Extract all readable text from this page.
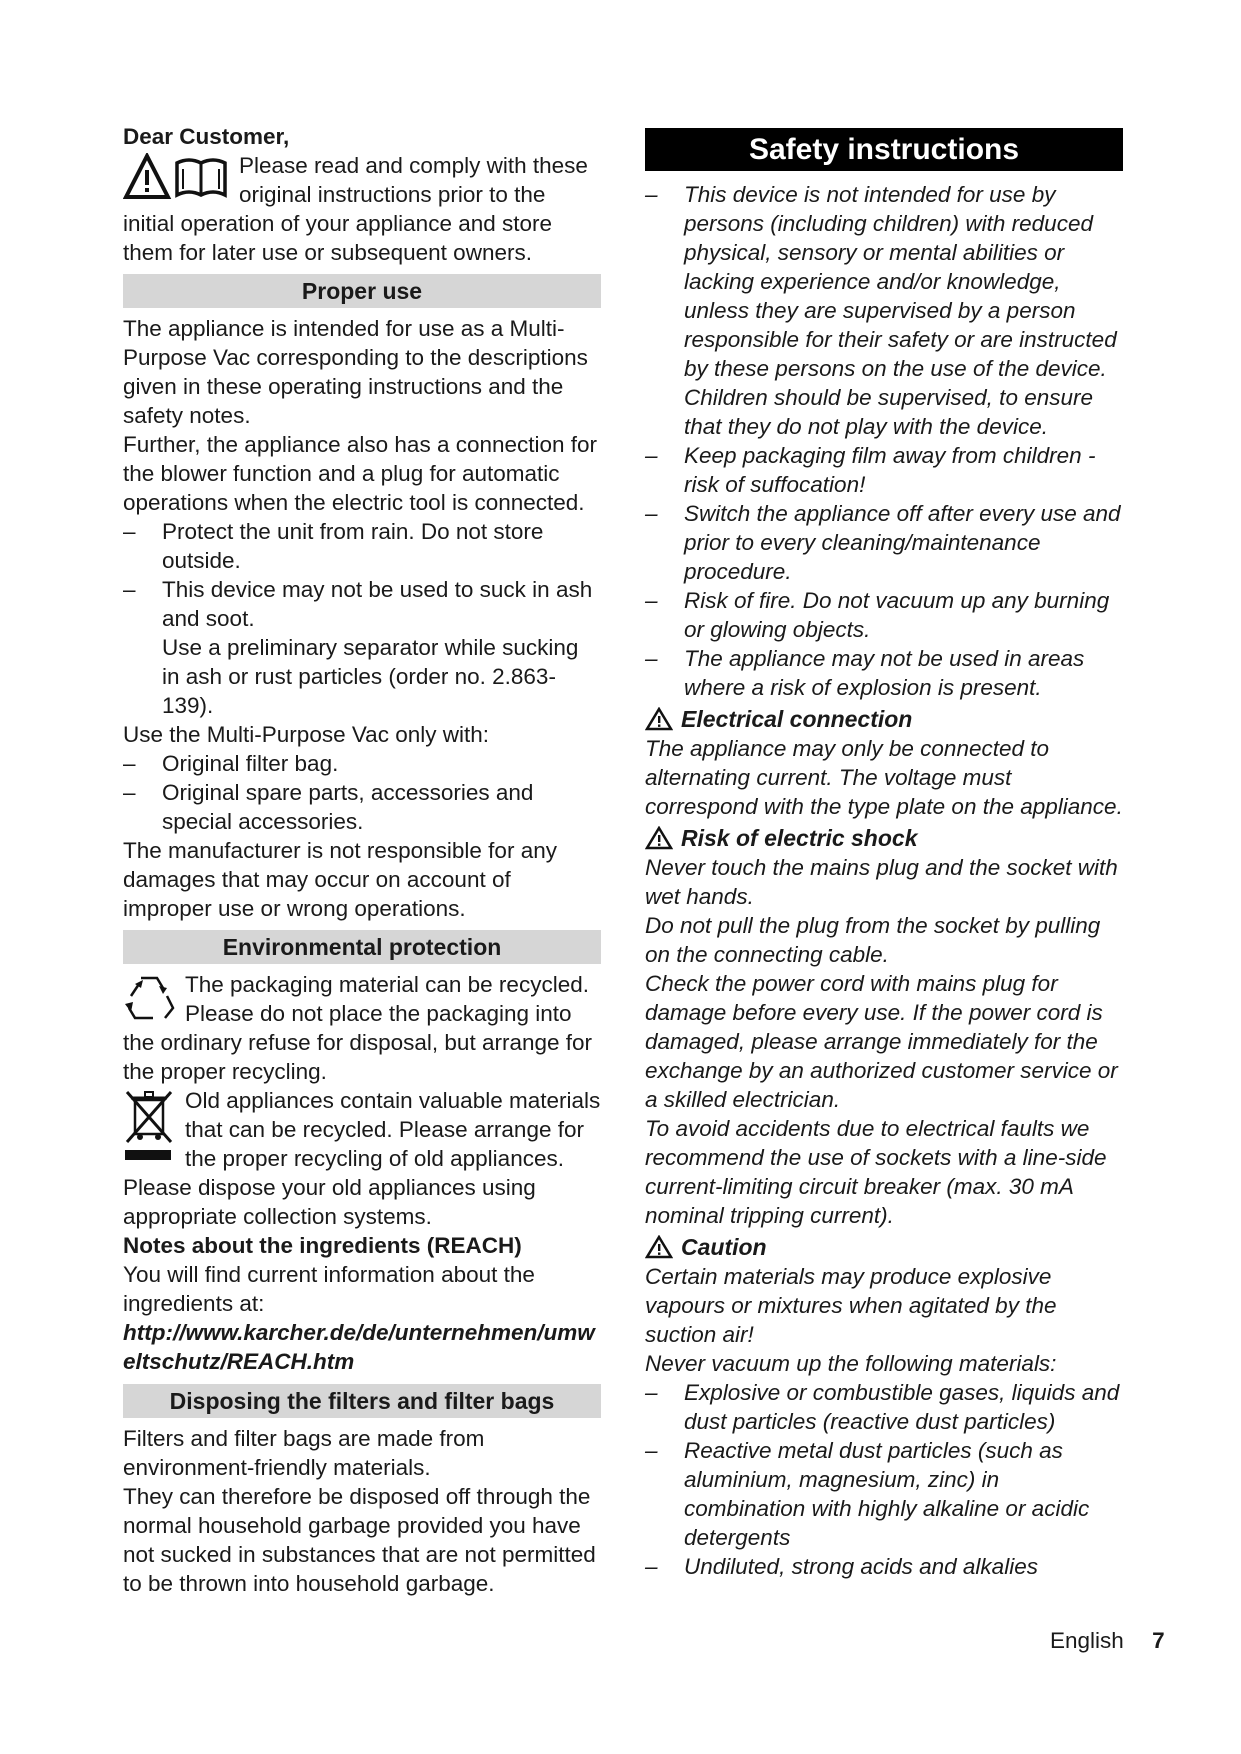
Dear Customer,

Please read and comply with these original instructions prior to the initial operation of your appliance and store them for later use or subsequent owners.

Proper use

The appliance is intended for use as a Multi-Purpose Vac corresponding to the descriptions given in these operating instructions and the safety notes.

Further, the appliance also has a connection for the blower function and a plug for automatic operations when the electric tool is connected.

– Protect the unit from rain. Do not store outside.
– This device may not be used to suck in ash and soot.

Use a preliminary separator while sucking in ash or rust particles (order no. 2.863-139).

Use the Multi-Purpose Vac only with:

– Original filter bag.
– Original spare parts, accessories and special accessories.

The manufacturer is not responsible for any damages that may occur on account of improper use or wrong operations.

Environmental protection

The packaging material can be recycled. Please do not place the packaging into the ordinary refuse for disposal, but arrange for the proper recycling.

Old appliances contain valuable materials that can be recycled. Please arrange for the proper recycling of old appliances. Please dispose your old appliances using appropriate collection systems.

Notes about the ingredients (REACH)

You will find current information about the ingredients at:

http://www.karcher.de/de/unternehmen/umweltschutz/REACH.htm

Disposing the filters and filter bags

Filters and filter bags are made from environment-friendly materials.

They can therefore be disposed off through the normal household garbage provided you have not sucked in substances that are not permitted to be thrown into household garbage.

Safety instructions
– This device is not intended for use by persons (including children) with reduced physical, sensory or mental abilities or lacking experience and/or knowledge, unless they are supervised by a person responsible for their safety or are instructed by these persons on the use of the device. Children should be supervised, to ensure that they do not play with the device.
– Keep packaging film away from children - risk of suffocation!
– Switch the appliance off after every use and prior to every cleaning/maintenance procedure.
– Risk of fire. Do not vacuum up any burning or glowing objects.
– The appliance may not be used in areas where a risk of explosion is present.
Electrical connection

The appliance may only be connected to alternating current. The voltage must correspond with the type plate on the appliance.

Risk of electric shock

Never touch the mains plug and the socket with wet hands.

Do not pull the plug from the socket by pulling on the connecting cable.

Check the power cord with mains plug for damage before every use. If the power cord is damaged, please arrange immediately for the exchange by an authorized customer service or a skilled electrician.

To avoid accidents due to electrical faults we recommend the use of sockets with a line-side current-limiting circuit breaker (max. 30 mA nominal tripping current).

Caution

Certain materials may produce explosive vapours or mixtures when agitated by the suction air!

Never vacuum up the following materials:

– Explosive or combustible gases, liquids and dust particles (reactive dust particles)
– Reactive metal dust particles (such as aluminium, magnesium, zinc) in combination with highly alkaline or acidic detergents
– Undiluted, strong acids and alkalies
English 7
